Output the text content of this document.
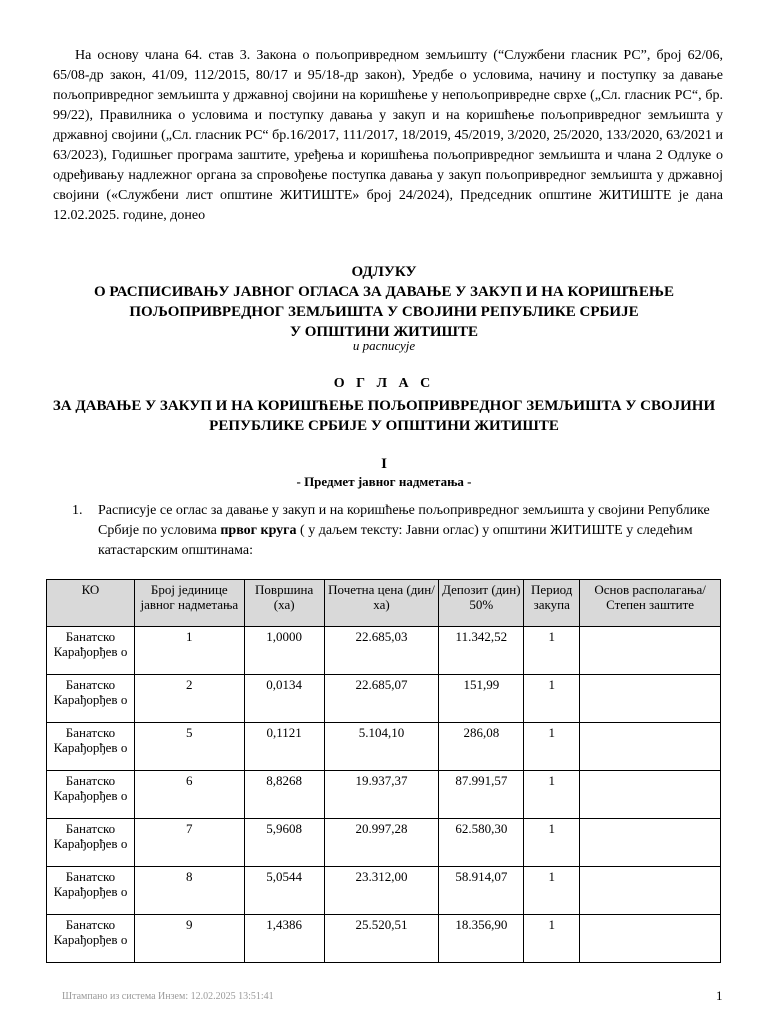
На основу члана 64. став 3. Закона о пољопривредном земљишту (“Службени гласник РС”, број 62/06, 65/08-др закон, 41/09, 112/2015, 80/17 и 95/18-др закон), Уредбе о условима, начину и поступку за давање пољопривредног земљишта у државној својини на коришћење у непољопривредне сврхе („Сл. гласник РС“, бр. 99/22), Правилника о условима и поступку давања у закуп и на коришћење пољопривредног земљишта у државној својини („Сл. гласник РС“ бр.16/2017, 111/2017, 18/2019, 45/2019, 3/2020, 25/2020, 133/2020, 63/2021 и 63/2023), Годишњег програма заштите, уређења и коришћења пољопривредног земљишта и члана 2 Одлуке о одређивању надлежног органа за спровођење поступка давања у закуп пољопривредног земљишта у државној својини («Службени лист општине ЖИТИШТЕ» број 24/2024), Председник општине ЖИТИШТЕ је дана 12.02.2025. године, донео

ОДЛУКУ
О РАСПИСИВАЊУ ЈАВНОГ ОГЛАСА ЗА ДАВАЊЕ У ЗАКУП И НА КОРИШЋЕЊЕ
ПОЉОПРИВРЕДНОГ ЗЕМЉИШТА У СВОЈИНИ РЕПУБЛИКЕ СРБИЈЕ
У ОПШТИНИ ЖИТИШТЕ
и расписује
О Г Л А С
ЗА ДАВАЊЕ У ЗАКУП И НА КОРИШЋЕЊЕ ПОЉОПРИВРЕДНОГ ЗЕМЉИШТА У СВОЈИНИ
РЕПУБЛИКЕ СРБИЈЕ У ОПШТИНИ ЖИТИШТЕ
I
- Предмет јавног надметања -
1. Расписује се оглас за давање у закуп и на коришћење пољопривредног земљишта у својини Републике Србије по условима првог круга ( у даљем тексту: Јавни оглас) у општини ЖИТИШТЕ у следећим катастарским општинама:

КО	Број јединице јавног надметања	Површина (ха)	Почетна цена (дин/ха)	Депозит (дин) 50%	Период закупа	Основ располагања/Степен заштите
Банатско Карађорђев о	1	1,0000	22.685,03	11.342,52	1	
Банатско Карађорђев о	2	0,0134	22.685,07	151,99	1	
Банатско Карађорђев о	5	0,1121	5.104,10	286,08	1	
Банатско Карађорђев о	6	8,8268	19.937,37	87.991,57	1	
Банатско Карађорђев о	7	5,9608	20.997,28	62.580,30	1	
Банатско Карађорђев о	8	5,0544	23.312,00	58.914,07	1	
Банатско Карађорђев о	9	1,4386	25.520,51	18.356,90	1	
Штампано из система Инзем: 12.02.2025 13:51:41	1
